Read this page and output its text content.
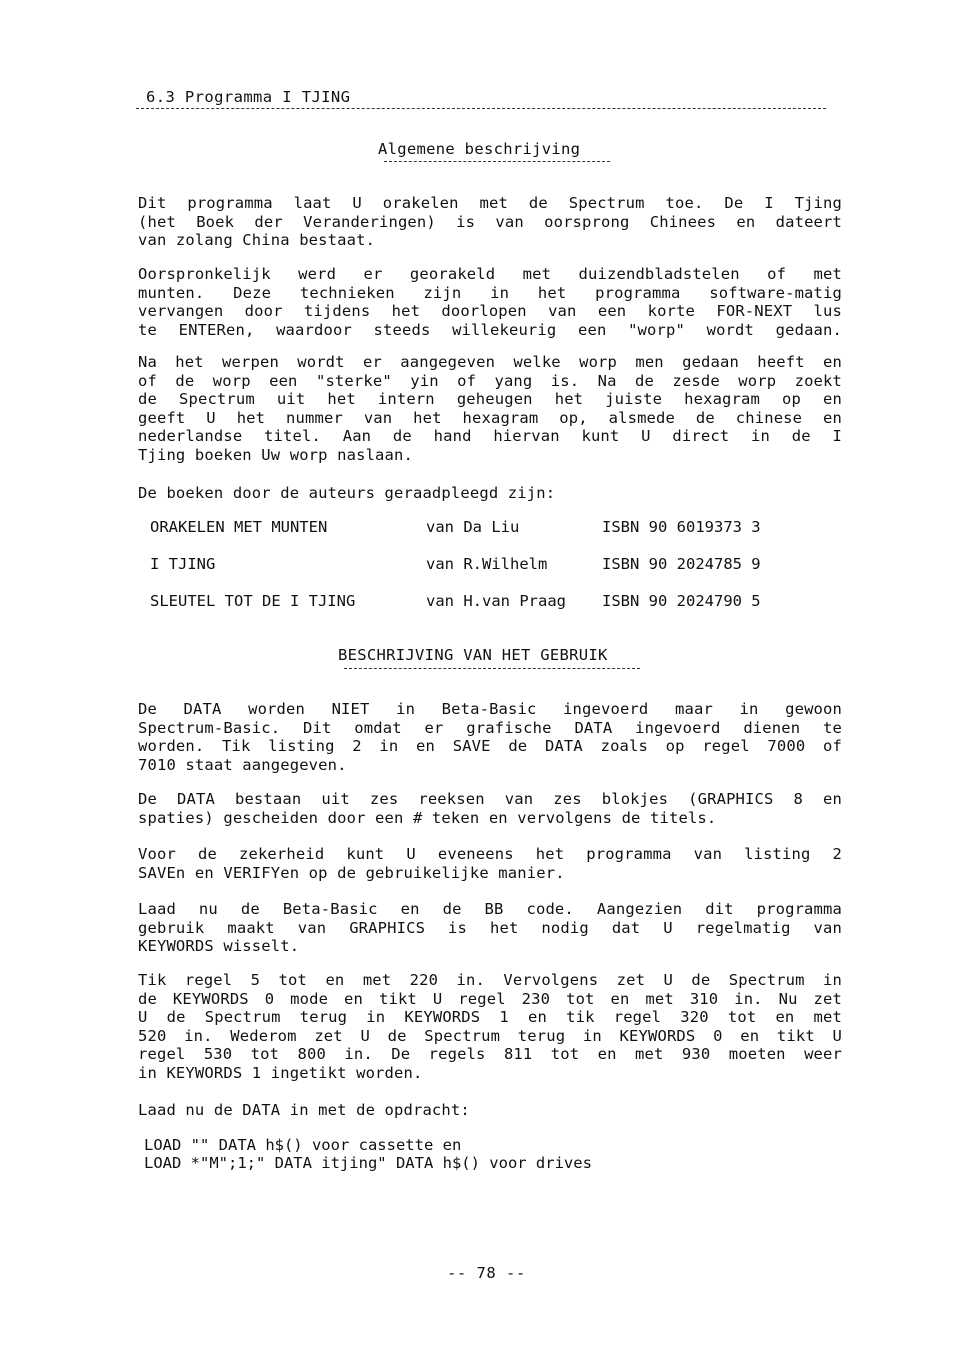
6.3 Programma I TJING
Algemene beschrijving
Dit programma laat U orakelen met de Spectrum toe. De I Tjing
(het Boek der Veranderingen) is van oorsprong Chinees en dateert
van zolang China bestaat.
Oorspronkelijk werd er georakeld met duizendbladstelen of met
munten. Deze technieken zijn in het programma software-matig
vervangen door tijdens het doorlopen van een korte FOR-NEXT lus
te ENTERen, waardoor steeds willekeurig een "worp" wordt gedaan.
Na het werpen wordt er aangegeven welke worp men gedaan heeft en
of de worp een "sterke" yin of yang is. Na de zesde worp zoekt
de Spectrum uit het intern geheugen het juiste hexagram op en
geeft U het nummer van het hexagram op, alsmede de chinese en
nederlandse titel. Aan de hand hiervan kunt U direct in de I
Tjing boeken Uw worp naslaan.
De boeken door de auteurs geraadpleegd zijn:
ORAKELEN MET MUNTEN	van Da Liu	ISBN 90 6019373 3
I TJING	van R.Wilhelm	ISBN 90 2024785 9
SLEUTEL TOT DE I TJING	van H.van Praag ISBN 90 2024790 5
BESCHRIJVING VAN HET GEBRUIK
De DATA worden NIET in Beta-Basic ingevoerd maar in gewoon
Spectrum-Basic. Dit omdat er grafische DATA ingevoerd dienen te
worden. Tik listing 2 in en SAVE de DATA zoals op regel 7000 of
7010 staat aangegeven.
De DATA bestaan uit zes reeksen van zes blokjes (GRAPHICS 8 en
spaties) gescheiden door een # teken en vervolgens de titels.
Voor de zekerheid kunt U eveneens het programma van listing 2
SAVEn en VERIFYen op de gebruikelijke manier.
Laad nu de Beta-Basic en de BB code. Aangezien dit programma
gebruik maakt van GRAPHICS is het nodig dat U regelmatig van
KEYWORDS wisselt.
Tik regel 5 tot en met 220 in. Vervolgens zet U de Spectrum in
de KEYWORDS 0 mode en tikt U regel 230 tot en met 310 in. Nu zet
U de Spectrum terug in KEYWORDS 1 en tik regel 320 tot en met
520 in. Wederom zet U de Spectrum terug in KEYWORDS 0 en tikt U
regel 530 tot 800 in. De regels 811 tot en met 930 moeten weer
in KEYWORDS 1 ingetikt worden.
Laad nu de DATA in met de opdracht:
LOAD "" DATA h$() voor cassette en
LOAD *"M";1;" DATA itjing" DATA h$() voor drives
-- 78 --
